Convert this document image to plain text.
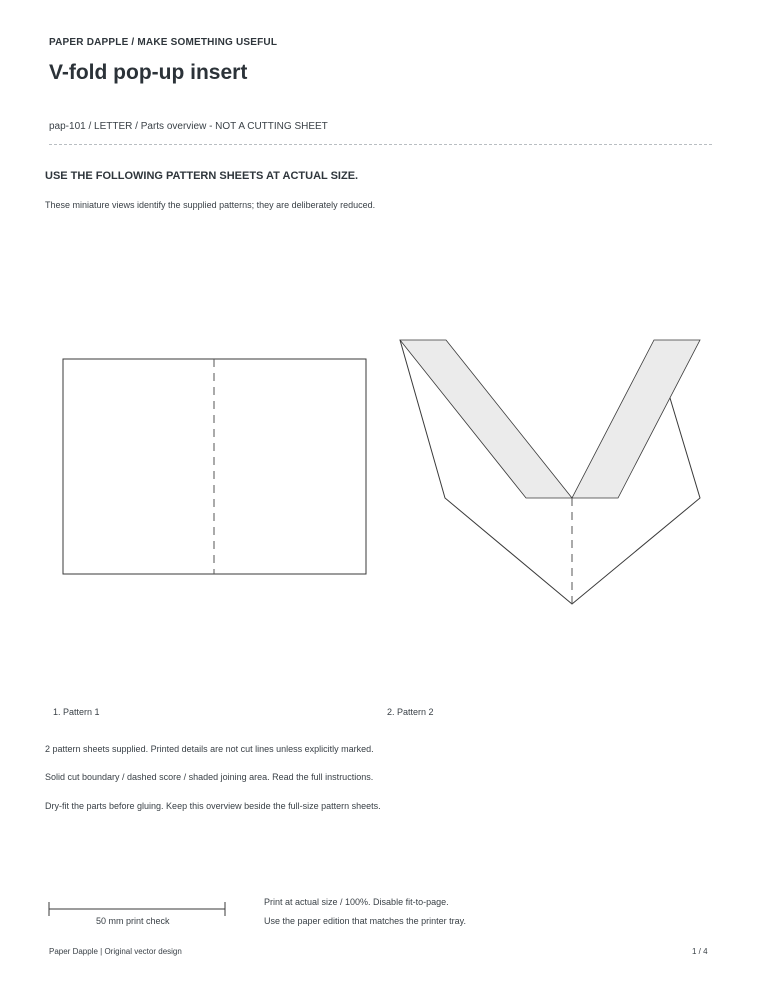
PAPER DAPPLE / MAKE SOMETHING USEFUL
V-fold pop-up insert
pap-101 / LETTER / Parts overview - NOT A CUTTING SHEET
USE THE FOLLOWING PATTERN SHEETS AT ACTUAL SIZE.
These miniature views identify the supplied patterns; they are deliberately reduced.
1. Pattern 1	2. Pattern 2
2 pattern sheets supplied. Printed details are not cut lines unless explicitly marked.
Solid cut boundary / dashed score / shaded joining area. Read the full instructions.
Dry-fit the parts before gluing. Keep this overview beside the full-size pattern sheets.
50 mm print check
Print at actual size / 100%. Disable fit-to-page.
Use the paper edition that matches the printer tray.
Paper Dapple | Original vector design	1 / 4
